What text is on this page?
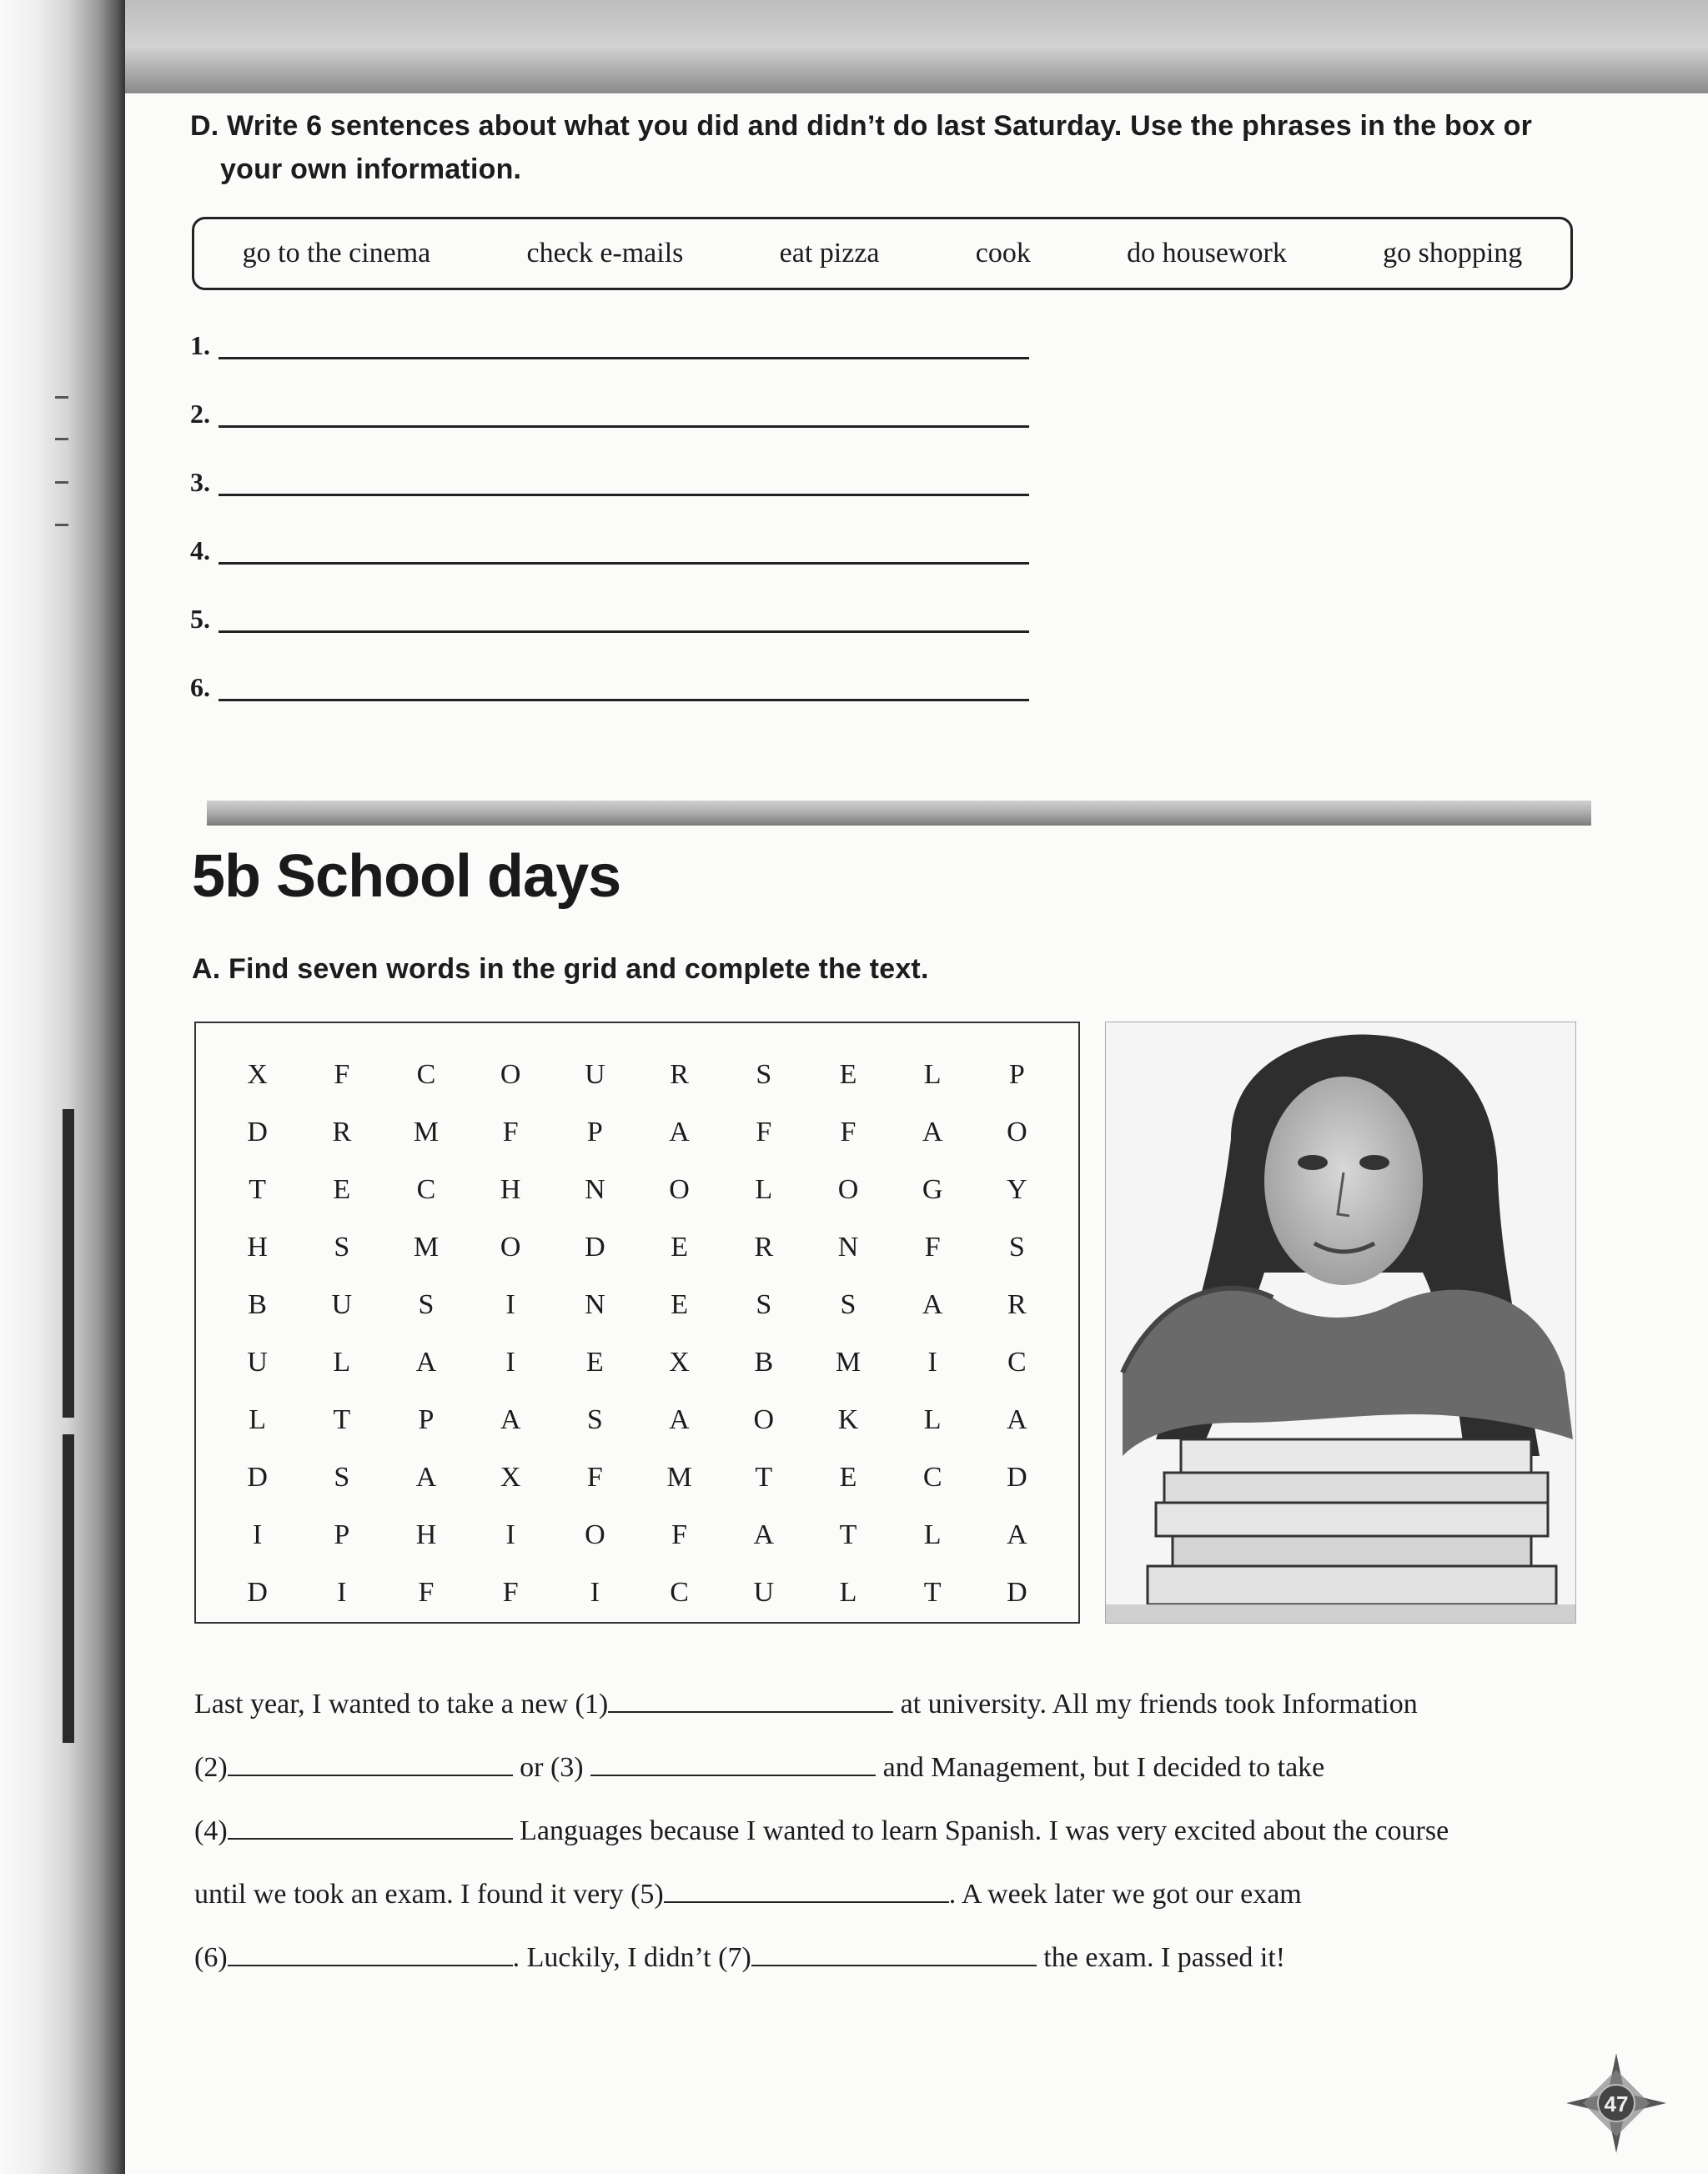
D. Write 6 sentences about what you did and didn’t do last Saturday. Use the phrases in the box or
your own information.
go to the cinema	check e-mails	eat pizza	cook	do housework	go shopping
1.
2.
3.
4.
5.
6.
5b School days
A. Find seven words in the grid and complete the text.
X	F	C	O	U	R	S	E	L	P
D	R	M	F	P	A	F	F	A	O
T	E	C	H	N	O	L	O	G	Y
H	S	M	O	D	E	R	N	F	S
B	U	S	I	N	E	S	S	A	R
U	L	A	I	E	X	B	M	I	C
L	T	P	A	S	A	O	K	L	A
D	S	A	X	F	M	T	E	C	D
I	P	H	I	O	F	A	T	L	A
D	I	F	F	I	C	U	L	T	D
Last year, I wanted to take a new (1)	at university. All my friends took Information
(2)	or (3)	and Management, but I decided to take
(4)	Languages because I wanted to learn Spanish. I was very excited about the course
until we took an exam. I found it very (5)	. A week later we got our exam
(6)	. Luckily, I didn’t (7)	the exam. I passed it!
47
